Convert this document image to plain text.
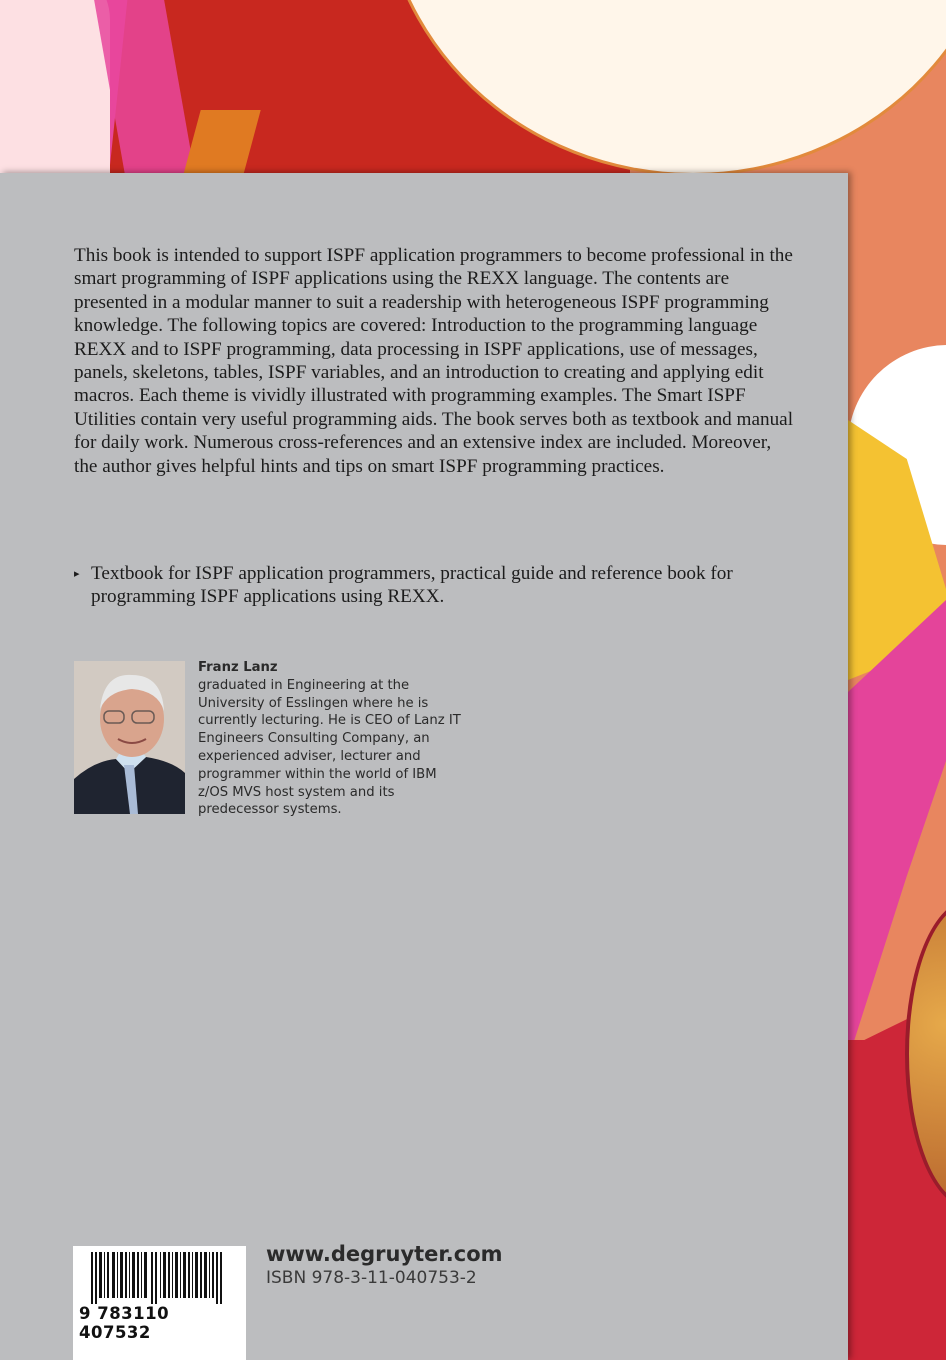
This book is intended to support ISPF application programmers to become professional in the smart programming of ISPF applications using the REXX language. The contents are presented in a modular manner to suit a readership with heterogeneous ISPF programming knowledge. The following topics are covered: Introduction to the programming language REXX and to ISPF programming, data processing in ISPF applications, use of messages, panels, skeletons, tables, ISPF variables, and an introduction to creating and applying edit macros. Each theme is vividly illustrated with programming examples. The Smart ISPF Utilities contain very useful programming aids. The book serves both as textbook and manual for daily work. Numerous cross-references and an extensive index are included. Moreover, the author gives helpful hints and tips on smart ISPF programming practices.

▸ Textbook for ISPF application programmers, practical guide and reference book for programming ISPF applications using REXX.
Franz Lanz
graduated in Engineering at the University of Esslingen where he is currently lecturing. He is CEO of Lanz IT Engineers Consulting Company, an experienced adviser, lecturer and programmer within the world of IBM z/OS MVS host system and its predecessor systems.
9 783110 407532
www.degruyter.com
ISBN 978-3-11-040753-2
